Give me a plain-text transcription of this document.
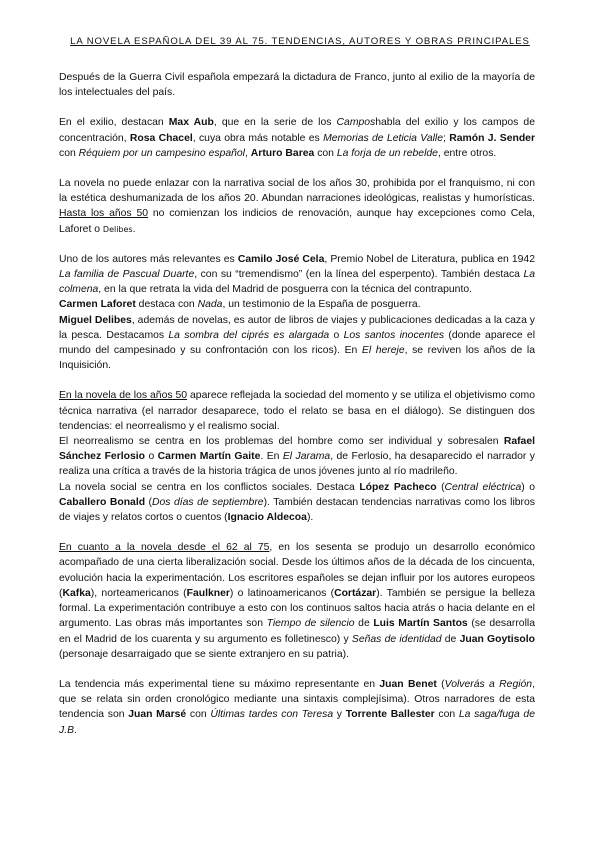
LA NOVELA ESPAÑOLA DEL 39 AL 75. TENDENCIAS, AUTORES Y OBRAS PRINCIPALES

Después de la Guerra Civil española empezará la dictadura de Franco, junto al exilio de la mayoría de los intelectuales del país.

En el exilio, destacan Max Aub, que en la serie de los Camposhabla del exilio y los campos de concentración, Rosa Chacel, cuya obra más notable es Memorias de Leticia Valle; Ramón J. Sender con Réquiem por un campesino español, Arturo Barea con La forja de un rebelde, entre otros.

La novela no puede enlazar con la narrativa social de los años 30, prohibida por el franquismo, ni con la estética deshumanizada de los años 20. Abundan narraciones ideológicas, realistas y humorísticas. Hasta los años 50 no comienzan los indicios de renovación, aunque hay excepciones como Cela, Laforet o Delibes.

Uno de los autores más relevantes es Camilo José Cela, Premio Nobel de Literatura, publica en 1942 La familia de Pascual Duarte, con su “tremendismo” (en la línea del esperpento). También destaca La colmena, en la que retrata la vida del Madrid de posguerra con la técnica del contrapunto.

Carmen Laforet destaca con Nada, un testimonio de la España de posguerra.

Miguel Delibes, además de novelas, es autor de libros de viajes y publicaciones dedicadas a la caza y la pesca. Destacamos La sombra del ciprés es alargada o Los santos inocentes (donde aparece el mundo del campesinado y su confrontación con los ricos). En El hereje, se reviven los años de la Inquisición.

En la novela de los años 50 aparece reflejada la sociedad del momento y se utiliza el objetivismo como técnica narrativa (el narrador desaparece, todo el relato se basa en el diálogo). Se distinguen dos tendencias: el neorrealismo y el realismo social.

El neorrealismo se centra en los problemas del hombre como ser individual y sobresalen Rafael Sánchez Ferlosio o Carmen Martín Gaite. En El Jarama, de Ferlosio, ha desaparecido el narrador y realiza una crítica a través de la historia trágica de unos jóvenes junto al río madrileño.

La novela social se centra en los conflictos sociales. Destaca López Pacheco (Central eléctrica) o Caballero Bonald (Dos días de septiembre). También destacan tendencias narrativas como los libros de viajes y relatos cortos o cuentos (Ignacio Aldecoa).

En cuanto a la novela desde el 62 al 75, en los sesenta se produjo un desarrollo económico acompañado de una cierta liberalización social. Desde los últimos años de la década de los cincuenta, evolución hacia la experimentación. Los escritores españoles se dejan influir por los autores europeos (Kafka), norteamericanos (Faulkner) o latinoamericanos (Cortázar). También se persigue la belleza formal. La experimentación contribuye a esto con los continuos saltos hacia atrás o hacia delante en el argumento. Las obras más importantes son Tiempo de silencio de Luis Martín Santos (se desarrolla en el Madrid de los cuarenta y su argumento es folletinesco) y Señas de identidad de Juan Goytisolo (personaje desarraigado que se siente extranjero en su patria).

La tendencia más experimental tiene su máximo representante en Juan Benet (Volverás a Región, que se relata sin orden cronológico mediante una sintaxis complejísima). Otros narradores de esta tendencia son Juan Marsé con Últimas tardes con Teresa y Torrente Ballester con La saga/fuga de J.B.
